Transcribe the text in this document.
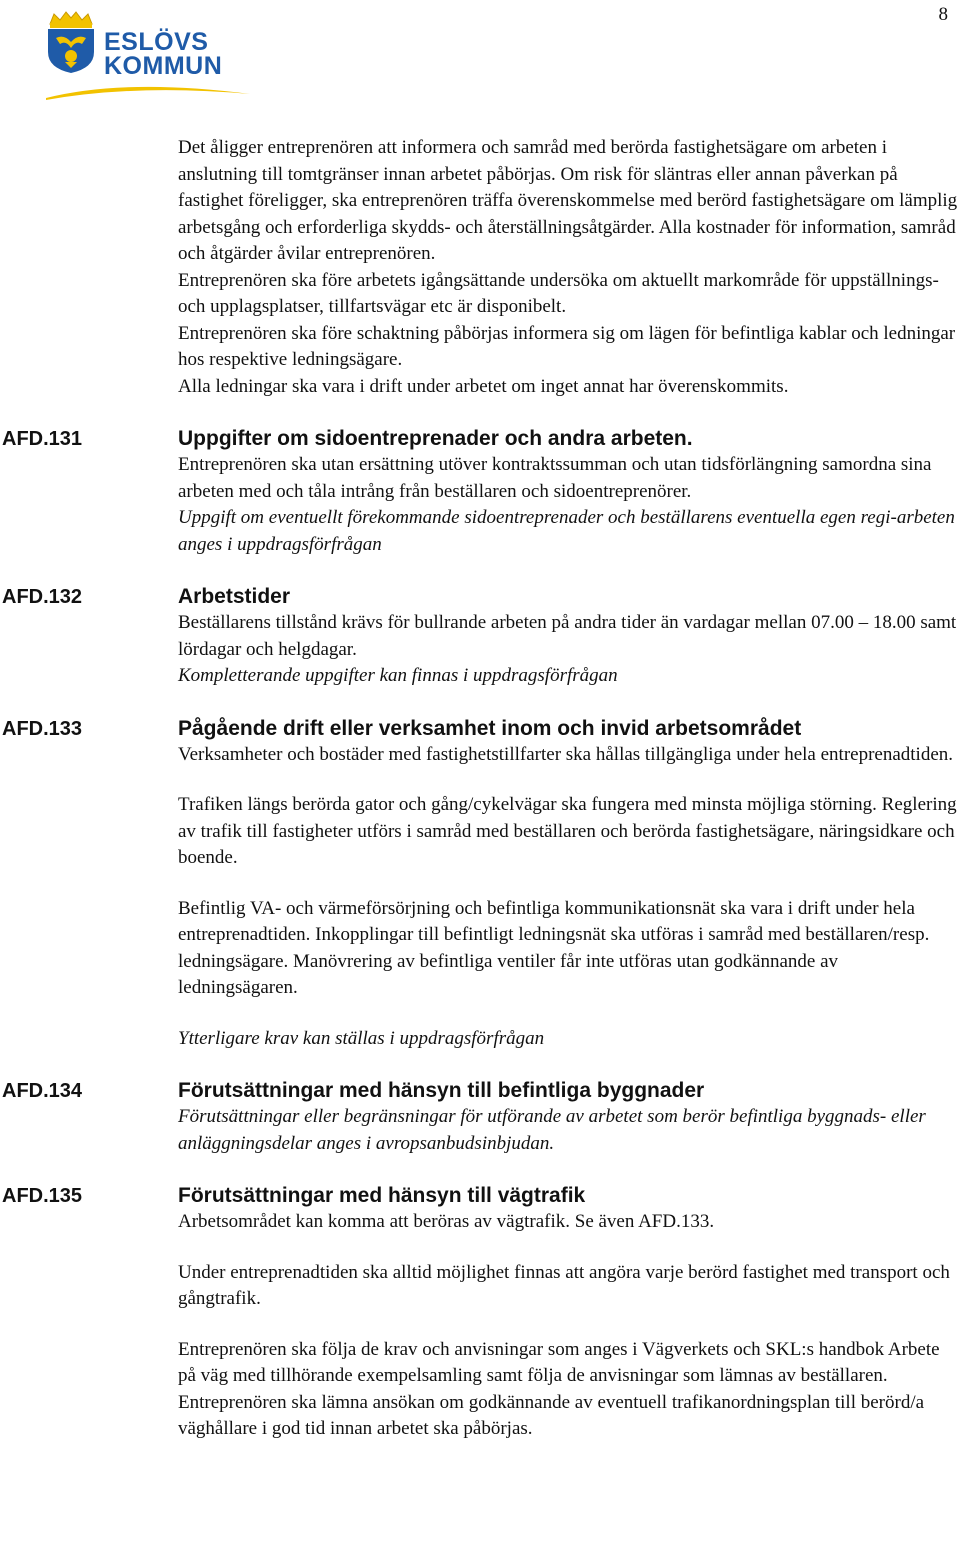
8
ESLÖVS
KOMMUN

Det åligger entreprenören att informera och samråd med berörda fastighetsägare om arbeten i anslutning till tomtgränser innan arbetet påbörjas. Om risk för släntras eller annan påverkan på fastighet föreligger, ska entreprenören träffa överenskommelse med berörd fastighetsägare om lämplig arbetsgång och erforderliga skydds- och återställningsåtgärder. Alla kostnader för information, samråd och åtgärder åvilar entreprenören.

Entreprenören ska före arbetets igångsättande undersöka om aktuellt markområde för uppställnings- och upplagsplatser, tillfartsvägar etc är disponibelt.

Entreprenören ska före schaktning påbörjas informera sig om lägen för befintliga kablar och ledningar hos respektive ledningsägare.

Alla ledningar ska vara i drift under arbetet om inget annat har överenskommits.

AFD.131	Uppgifter om sidoentreprenader och andra arbeten.

Entreprenören ska utan ersättning utöver kontraktssumman och utan tidsförlängning samordna sina arbeten med och tåla intrång från beställaren och sidoentreprenörer.

Uppgift om eventuellt förekommande sidoentreprenader och beställarens eventuella egen regi-arbeten anges i uppdragsförfrågan

AFD.132	Arbetstider

Beställarens tillstånd krävs för bullrande arbeten på andra tider än vardagar mellan 07.00 – 18.00 samt lördagar och helgdagar.

Kompletterande uppgifter kan finnas i uppdragsförfrågan

AFD.133	Pågående drift eller verksamhet inom och invid arbetsområdet

Verksamheter och bostäder med fastighetstillfarter ska hållas tillgängliga under hela entreprenadtiden.

Trafiken längs berörda gator och gång/cykelvägar ska fungera med minsta möjliga störning. Reglering av trafik till fastigheter utförs i samråd med beställaren och berörda fastighetsägare, näringsidkare och boende.

Befintlig VA- och värmeförsörjning och befintliga kommunikationsnät ska vara i drift under hela entreprenadtiden. Inkopplingar till befintligt ledningsnät ska utföras i samråd med beställaren/resp. ledningsägare. Manövrering av befintliga ventiler får inte utföras utan godkännande av ledningsägaren.

Ytterligare krav kan ställas i uppdragsförfrågan

AFD.134	Förutsättningar med hänsyn till befintliga byggnader

Förutsättningar eller begränsningar för utförande av arbetet som berör befintliga byggnads- eller anläggningsdelar anges i avropsanbudsinbjudan.

AFD.135	Förutsättningar med hänsyn till vägtrafik

Arbetsområdet kan komma att beröras av vägtrafik. Se även AFD.133.

Under entreprenadtiden ska alltid möjlighet finnas att angöra varje berörd fastighet med transport och gångtrafik.

Entreprenören ska följa de krav och anvisningar som anges i Vägverkets och SKL:s handbok Arbete på väg med tillhörande exempelsamling samt följa de anvisningar som lämnas av beställaren. Entreprenören ska lämna ansökan om godkännande av eventuell trafikanordningsplan till berörd/a väghållare i god tid innan arbetet ska påbörjas.
